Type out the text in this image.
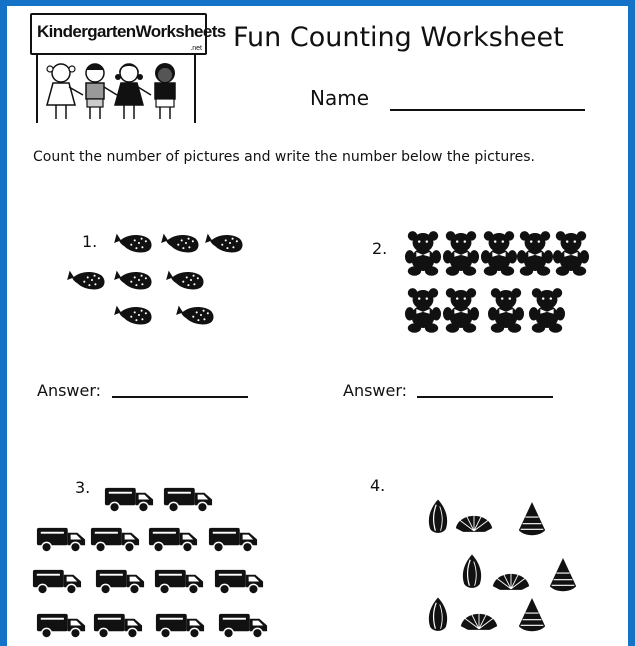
KindergartenWorksheets
.net Fun Counting Worksheet
Name
Count the number of pictures and write the number below the pictures.
1.
Answer:
2.
Answer:
3.	4.
